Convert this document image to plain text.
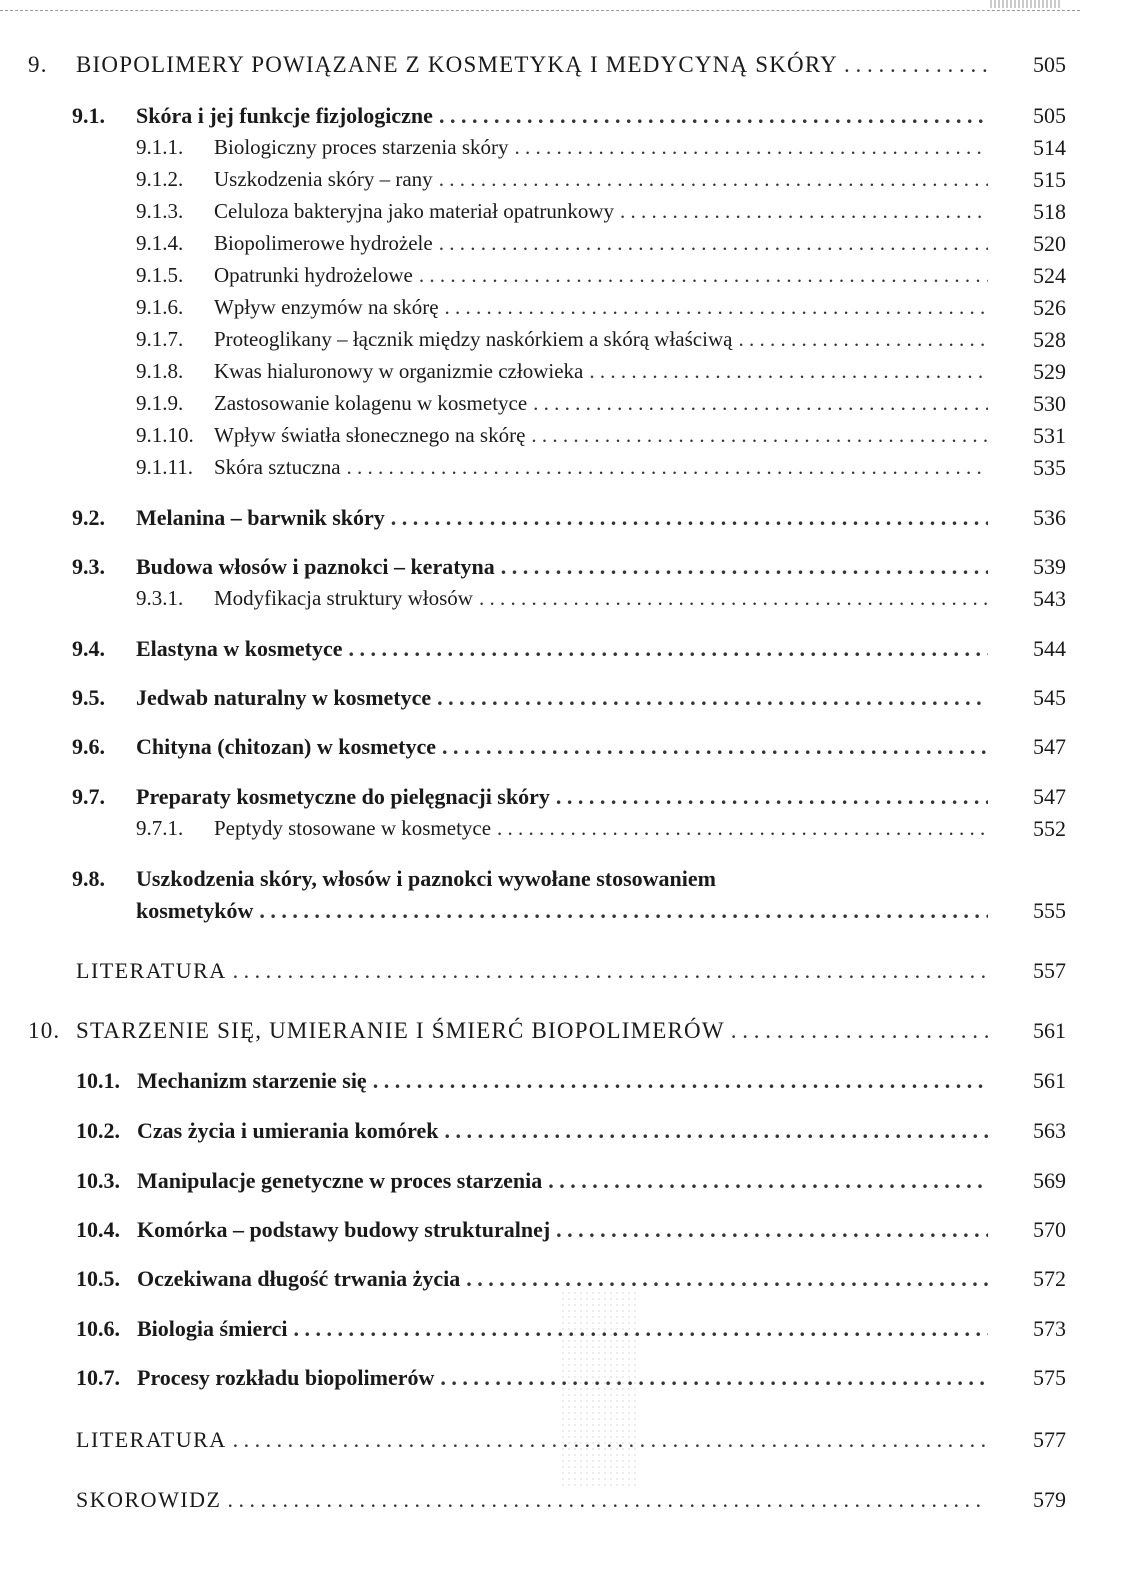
9. BIOPOLIMERY POWIĄZANE Z KOSMETYKĄ I MEDYCYNĄ SKÓRY . . .	505
9.1. Skóra i jej funkcje fizjologiczne . . .	505
9.1.1. Biologiczny proces starzenia skóry . . .	514
9.1.2. Uszkodzenia skóry – rany . . .	515
9.1.3. Celuloza bakteryjna jako materiał opatrunkowy . . .	518
9.1.4. Biopolimerowe hydrożele . . .	520
9.1.5. Opatrunki hydrożelowe . . .	524
9.1.6. Wpływ enzymów na skórę . . .	526
9.1.7. Proteoglikany – łącznik między naskórkiem a skórą właściwą . . .	528
9.1.8. Kwas hialuronowy w organizmie człowieka . . .	529
9.1.9. Zastosowanie kolagenu w kosmetyce . . .	530
9.1.10. Wpływ światła słonecznego na skórę . . .	531
9.1.11. Skóra sztuczna . . .	535
9.2. Melanina – barwnik skóry . . .	536
9.3. Budowa włosów i paznokci – keratyna . . .	539
9.3.1. Modyfikacja struktury włosów . . .	543
9.4. Elastyna w kosmetyce . . .	544
9.5. Jedwab naturalny w kosmetyce . . .	545
9.6. Chityna (chitozan) w kosmetyce . . .	547
9.7. Preparaty kosmetyczne do pielęgnacji skóry . . .	547
9.7.1. Peptydy stosowane w kosmetyce . . .	552
9.8. Uszkodzenia skóry, włosów i paznokci wywołane stosowaniem
kosmetyków . . .	555
LITERATURA . . .	557
10. STARZENIE SIĘ, UMIERANIE I ŚMIERĆ BIOPOLIMERÓW . . .	561
10.1. Mechanizm starzenie się . . .	561
10.2. Czas życia i umierania komórek . . .	563
10.3. Manipulacje genetyczne w proces starzenia . . .	569
10.4. Komórka – podstawy budowy strukturalnej . . .	570
10.5. Oczekiwana długość trwania życia . . .	572
10.6. Biologia śmierci . . .	573
10.7. Procesy rozkładu biopolimerów . . .	575
LITERATURA . . .	577
SKOROWIDZ . . .	579
